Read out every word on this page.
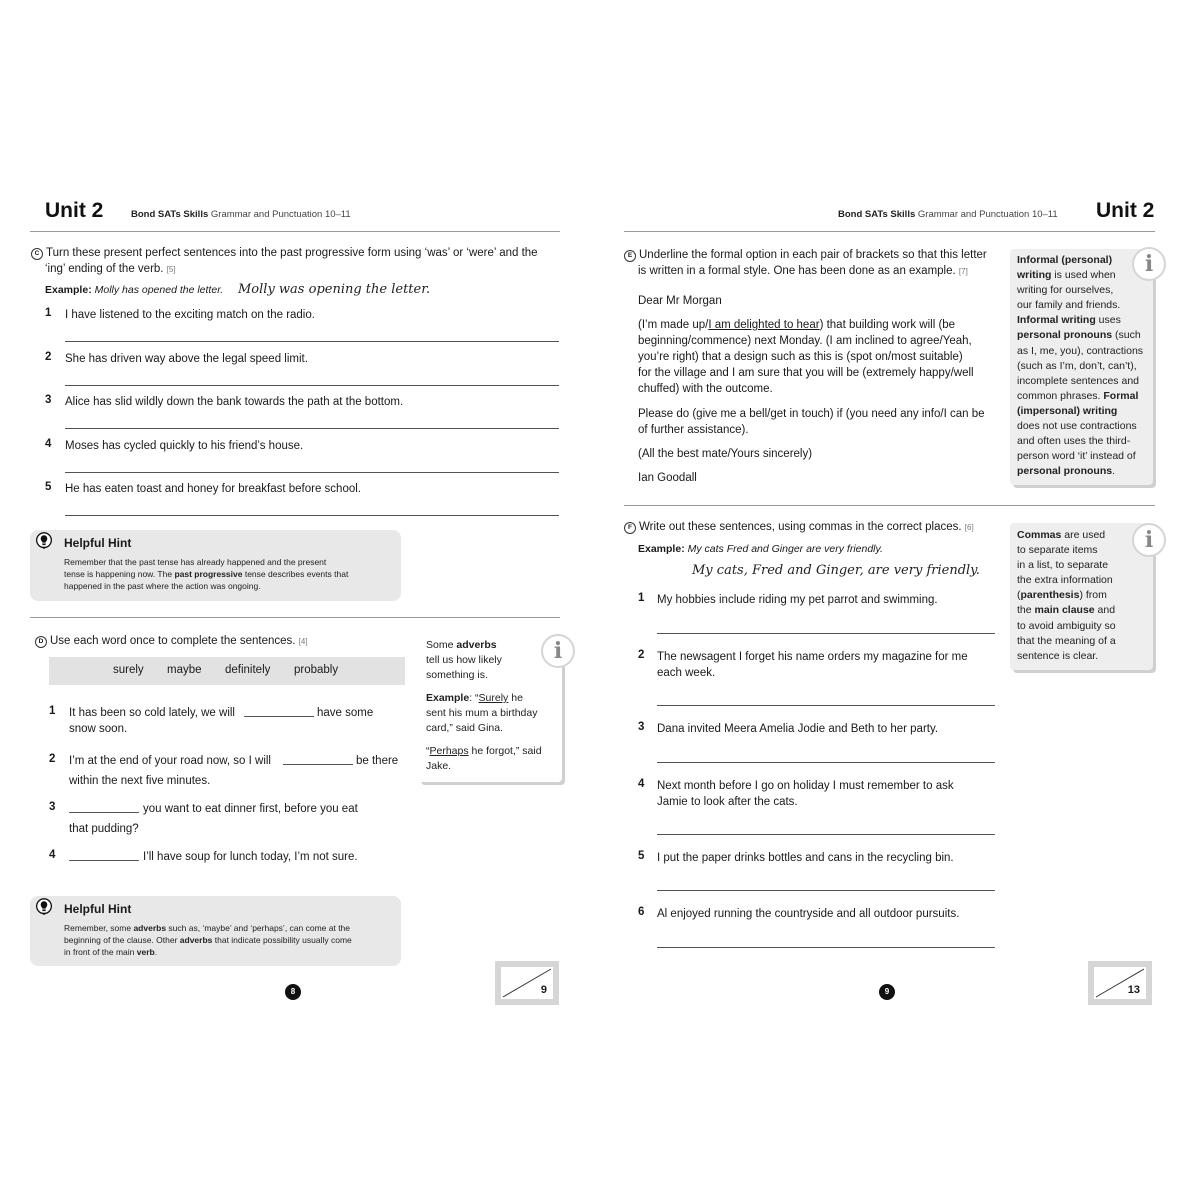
Unit 2	Bond SATs Skills Grammar and Punctuation 10–11
C Turn these present perfect sentences into the past progressive form using ‘was’ or ‘were’ and the
‘ing’ ending of the verb. [5]
Example: Molly has opened the letter. Molly was opening the letter.
1 I have listened to the exciting match on the radio.
2 She has driven way above the legal speed limit.
3 Alice has slid wildly down the bank towards the path at the bottom.
4 Moses has cycled quickly to his friend’s house.
5 He has eaten toast and honey for breakfast before school.
Helpful Hint
Remember that the past tense has already happened and the present
tense is happening now. The past progressive tense describes events that
happened in the past where the action was ongoing.
D Use each word once to complete the sentences. [4]
surely maybe definitely probably
1 It has been so cold lately, we will	have some
snow soon.
2 I’m at the end of your road now, so I will	be there
within the next five minutes.
3	you want to eat dinner first, before you eat
that pudding?
4	I’ll have soup for lunch today, I’m not sure.
Some adverbs
tell us how likely
something is.
Example: “Surely he
sent his mum a birthday
card,” said Gina.
“Perhaps he forgot,” said
Jake.
i
Helpful Hint
Remember, some adverbs such as, ‘maybe’ and ‘perhaps’, can come at the
beginning of the clause. Other adverbs that indicate possibility usually come
in front of the main verb.
8	9
Bond SATs Skills Grammar and Punctuation 10–11 Unit 2
E Underline the formal option in each pair of brackets so that this letter
is written in a formal style. One has been done as an example. [7]
Dear Mr Morgan
(I’m made up/I am delighted to hear) that building work will (be
beginning/commence) next Monday. (I am inclined to agree/Yeah,
you’re right) that a design such as this is (spot on/most suitable)
for the village and I am sure that you will be (extremely happy/well
chuffed) with the outcome.
Please do (give me a bell/get in touch) if (you need any info/I can be
of further assistance).
(All the best mate/Yours sincerely)
Ian Goodall
Informal (personal)
writing is used when
writing for ourselves,
our family and friends.
Informal writing uses
personal pronouns (such
as I, me, you), contractions
(such as I’m, don’t, can’t),
incomplete sentences and
common phrases. Formal
(impersonal) writing
does not use contractions
and often uses the third-
person word ‘it’ instead of
personal pronouns.
i
F Write out these sentences, using commas in the correct places. [6]
Example: My cats Fred and Ginger are very friendly.
My cats, Fred and Ginger, are very friendly.
1 My hobbies include riding my pet parrot and swimming.
2 The newsagent I forget his name orders my magazine for me
each week.
3 Dana invited Meera Amelia Jodie and Beth to her party.
4 Next month before I go on holiday I must remember to ask
Jamie to look after the cats.
5 I put the paper drinks bottles and cans in the recycling bin.
6 Al enjoyed running the countryside and all outdoor pursuits.
Commas are used
to separate items
in a list, to separate
the extra information
(parenthesis) from
the main clause and
to avoid ambiguity so
that the meaning of a
sentence is clear.
i
9	13
